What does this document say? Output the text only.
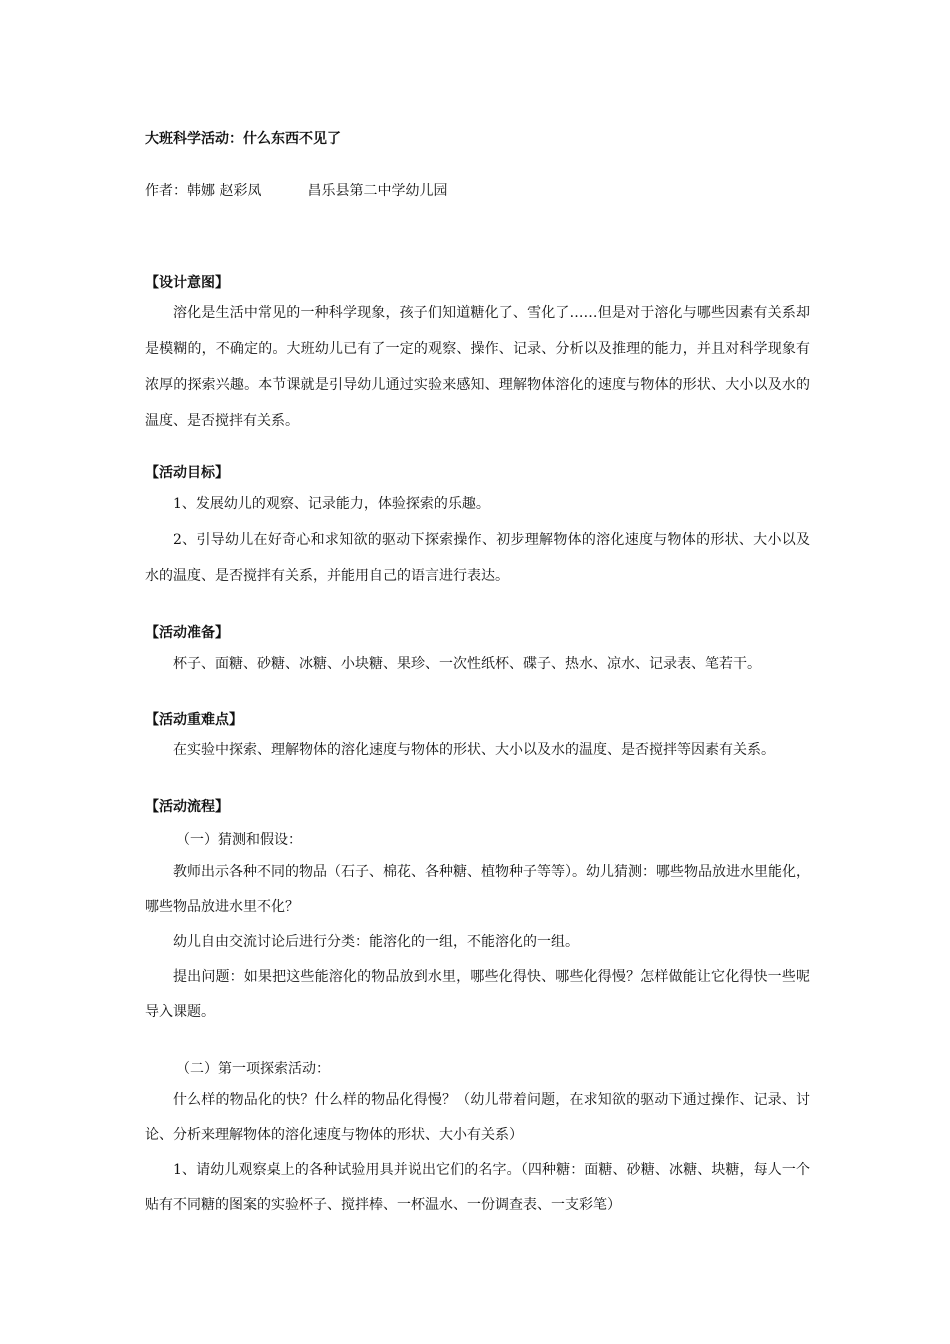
大班科学活动：什么东西不见了
作者：韩娜 赵彩凤	昌乐县第二中学幼儿园
【设计意图】
溶化是生活中常见的一种科学现象，孩子们知道糖化了、雪化了……但是对于溶化与哪些因素有关系却是模糊的，不确定的。大班幼儿已有了一定的观察、操作、记录、分析以及推理的能力，并且对科学现象有浓厚的探索兴趣。本节课就是引导幼儿通过实验来感知、理解物体溶化的速度与物体的形状、大小以及水的温度、是否搅拌有关系。
【活动目标】
1、发展幼儿的观察、记录能力，体验探索的乐趣。
2、引导幼儿在好奇心和求知欲的驱动下探索操作、初步理解物体的溶化速度与物体的形状、大小以及水的温度、是否搅拌有关系，并能用自己的语言进行表达。
【活动准备】
杯子、面糖、砂糖、冰糖、小块糖、果珍、一次性纸杯、碟子、热水、凉水、记录表、笔若干。
【活动重难点】
在实验中探索、理解物体的溶化速度与物体的形状、大小以及水的温度、是否搅拌等因素有关系。
【活动流程】
（一）猜测和假设：
教师出示各种不同的物品（石子、棉花、各种糖、植物种子等等）。幼儿猜测：哪些物品放进水里能化，哪些物品放进水里不化？
幼儿自由交流讨论后进行分类：能溶化的一组，不能溶化的一组。
提出问题：如果把这些能溶化的物品放到水里，哪些化得快、哪些化得慢？怎样做能让它化得快一些呢导入课题。
（二）第一项探索活动：
什么样的物品化的快？什么样的物品化得慢？（幼儿带着问题，在求知欲的驱动下通过操作、记录、讨论、分析来理解物体的溶化速度与物体的形状、大小有关系）
1、请幼儿观察桌上的各种试验用具并说出它们的名字。（四种糖：面糖、砂糖、冰糖、块糖，每人一个贴有不同糖的图案的实验杯子、搅拌棒、一杯温水、一份调查表、一支彩笔）
